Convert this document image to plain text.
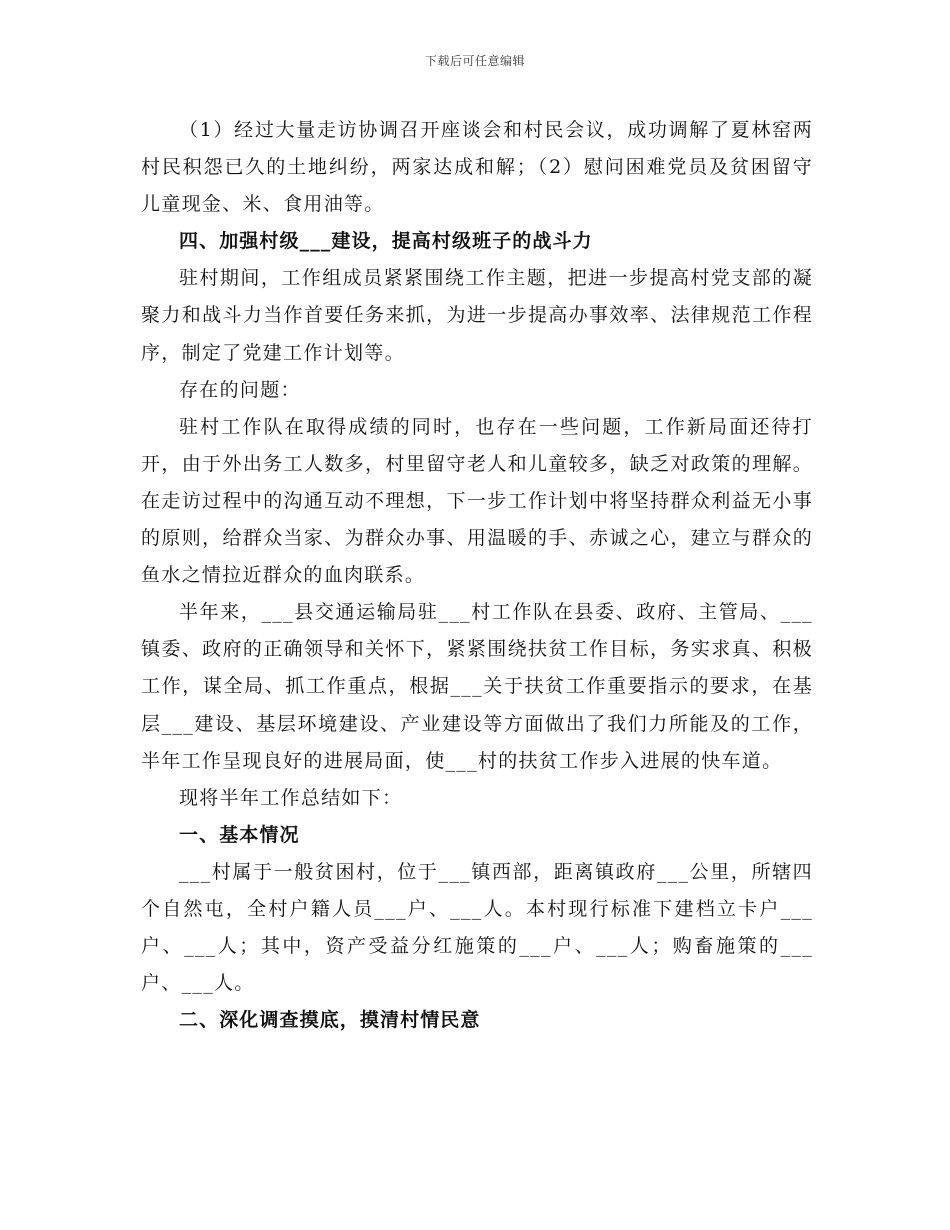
下载后可任意编辑

（1）经过大量走访协调召开座谈会和村民会议，成功调解了夏林窑两村民积怨已久的土地纠纷，两家达成和解；（2）慰问困难党员及贫困留守儿童现金、米、食用油等。

四、加强村级___建设，提高村级班子的战斗力

驻村期间，工作组成员紧紧围绕工作主题，把进一步提高村党支部的凝聚力和战斗力当作首要任务来抓，为进一步提高办事效率、法律规范工作程序，制定了党建工作计划等。

存在的问题：

驻村工作队在取得成绩的同时，也存在一些问题，工作新局面还待打开，由于外出务工人数多，村里留守老人和儿童较多，缺乏对政策的理解。在走访过程中的沟通互动不理想，下一步工作计划中将坚持群众利益无小事的原则，给群众当家、为群众办事、用温暖的手、赤诚之心，建立与群众的鱼水之情拉近群众的血肉联系。

半年来，___县交通运输局驻___村工作队在县委、政府、主管局、___镇委、政府的正确领导和关怀下，紧紧围绕扶贫工作目标，务实求真、积极工作，谋全局、抓工作重点，根据___关于扶贫工作重要指示的要求，在基层___建设、基层环境建设、产业建设等方面做出了我们力所能及的工作，半年工作呈现良好的进展局面，使___村的扶贫工作步入进展的快车道。

现将半年工作总结如下：

一、基本情况

___村属于一般贫困村，位于___镇西部，距离镇政府___公里，所辖四个自然屯，全村户籍人员___户、___人。本村现行标准下建档立卡户___户、___人；其中，资产受益分红施策的___户、___人；购畜施策的___户、___人。

二、深化调查摸底，摸清村情民意
